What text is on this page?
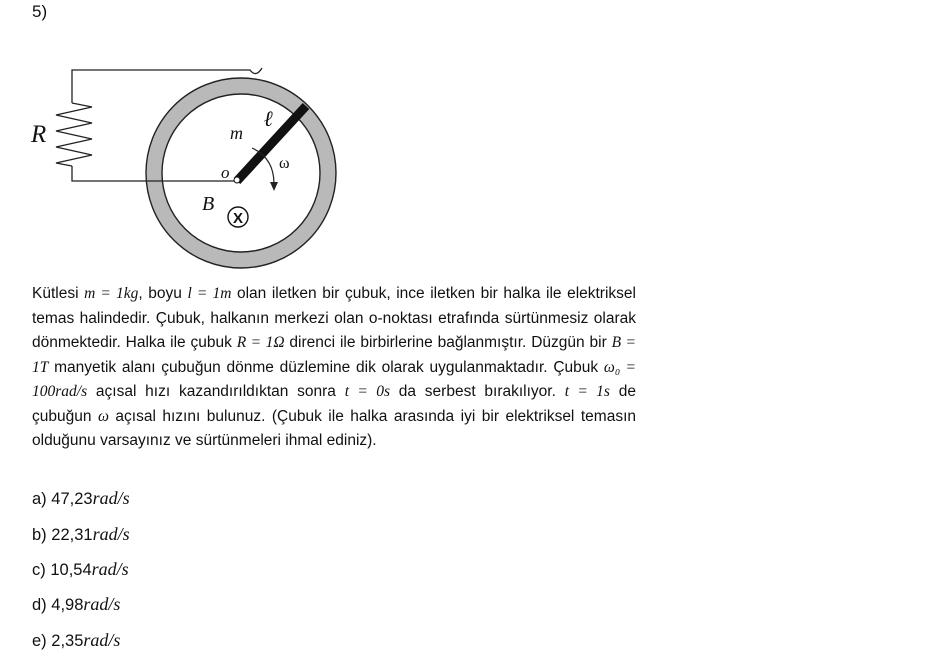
5)
R	m
ℓ
o	ω
B
X
Kütlesi m = 1kg, boyu l = 1m olan iletken bir çubuk, ince iletken bir halka ile elektriksel temas halindedir. Çubuk, halkanın merkezi olan o-noktası etrafında sürtünmesiz olarak dönmektedir. Halka ile çubuk R = 1Ω direnci ile birbirlerine bağlanmıştır. Düzgün bir B = 1T manyetik alanı çubuğun dönme düzlemine dik olarak uygulanmaktadır. Çubuk ω₀ = 100rad/s açısal hızı kazandırıldıktan sonra t = 0s da serbest bırakılıyor. t = 1s de çubuğun ω açısal hızını bulunuz. (Çubuk ile halka arasında iyi bir elektriksel temasın olduğunu varsayınız ve sürtünmeleri ihmal ediniz).
a) 47,23rad/s
b) 22,31rad/s
c) 10,54rad/s
d) 4,98rad/s
e) 2,35rad/s
